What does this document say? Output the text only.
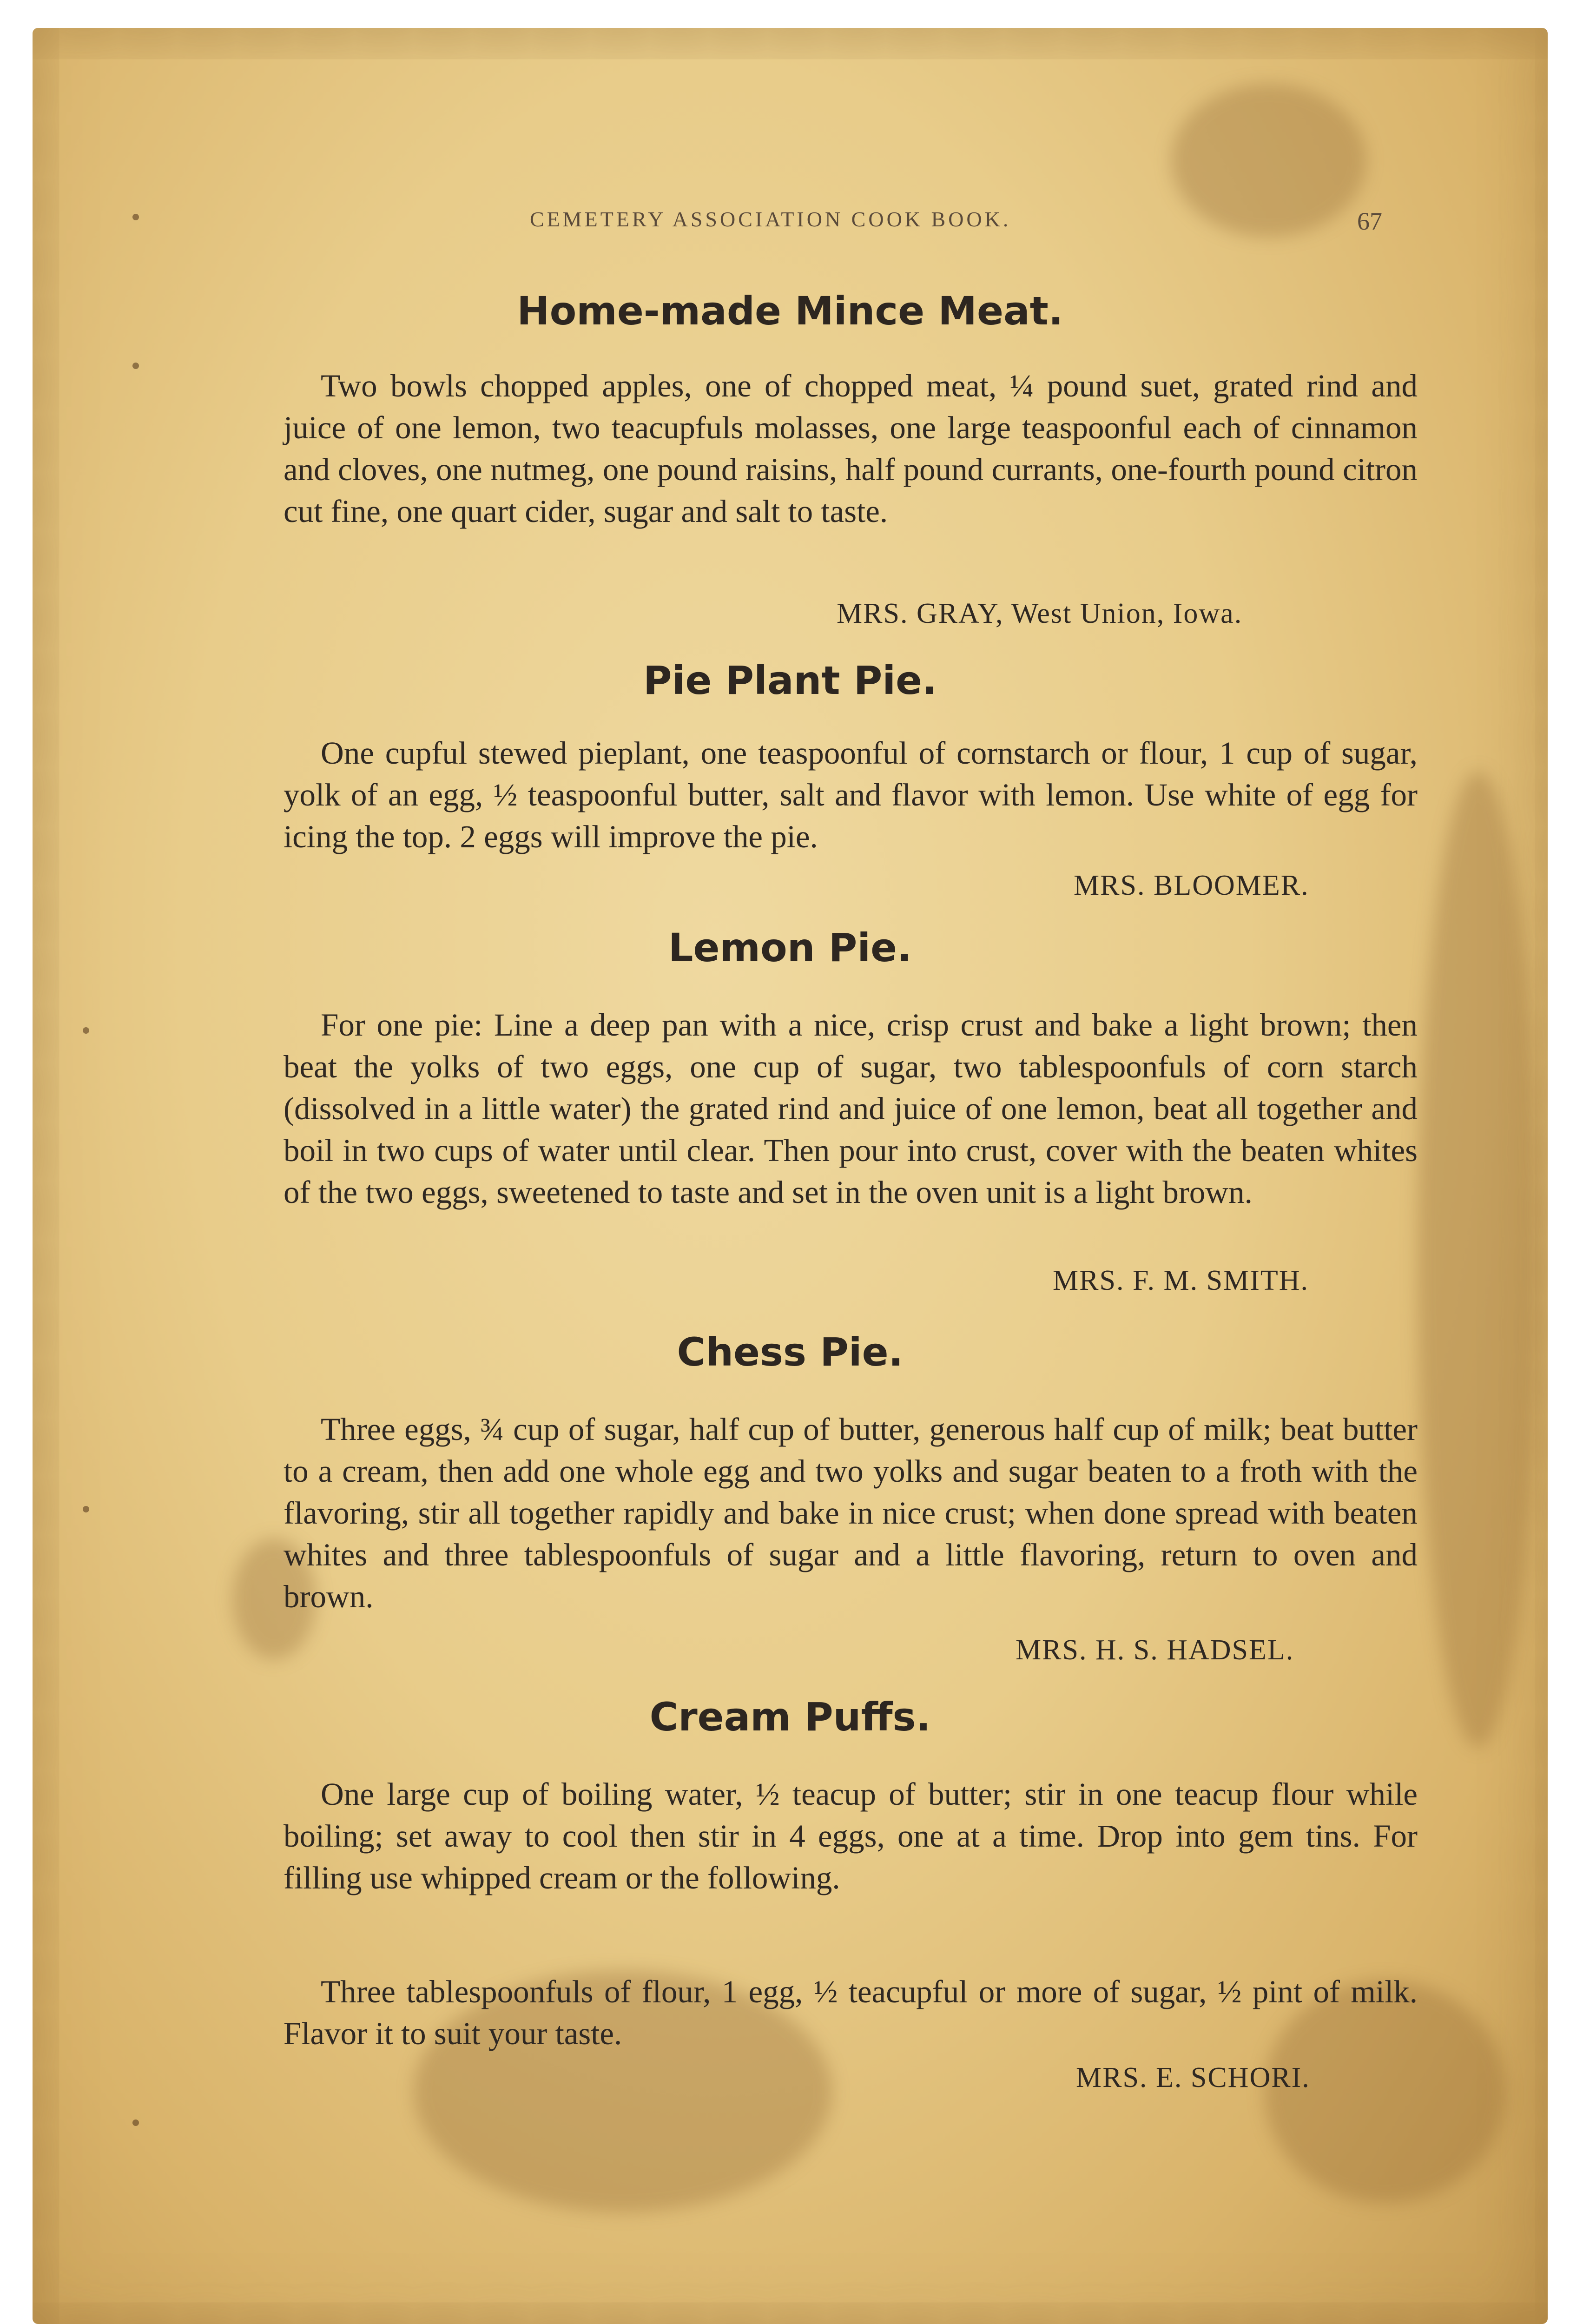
CEMETERY ASSOCIATION COOK BOOK.	67
Home-made Mince Meat.
Two bowls chopped apples, one of chopped meat, ¼ pound suet, grated rind and juice of one lemon, two teacupfuls molasses, one large teaspoonful each of cinnamon and cloves, one nutmeg, one pound raisins, half pound currants, one-fourth pound citron cut fine, one quart cider, sugar and salt to taste.
MRS. GRAY, West Union, Iowa.
Pie Plant Pie.
One cupful stewed pieplant, one teaspoonful of cornstarch or flour, 1 cup of sugar, yolk of an egg, ½ teaspoonful butter, salt and flavor with lemon. Use white of egg for icing the top. 2 eggs will improve the pie.
MRS. BLOOMER.
Lemon Pie.
For one pie: Line a deep pan with a nice, crisp crust and bake a light brown; then beat the yolks of two eggs, one cup of sugar, two tablespoonfuls of corn starch (dissolved in a little water) the grated rind and juice of one lemon, beat all together and boil in two cups of water until clear. Then pour into crust, cover with the beaten whites of the two eggs, sweetened to taste and set in the oven unit is a light brown.
MRS. F. M. SMITH.
Chess Pie.
Three eggs, ¾ cup of sugar, half cup of butter, generous half cup of milk; beat butter to a cream, then add one whole egg and two yolks and sugar beaten to a froth with the flavoring, stir all together rapidly and bake in nice crust; when done spread with beaten whites and three tablespoonfuls of sugar and a little flavoring, return to oven and brown.
MRS. H. S. HADSEL.
Cream Puffs.
One large cup of boiling water, ½ teacup of butter; stir in one teacup flour while boiling; set away to cool then stir in 4 eggs, one at a time. Drop into gem tins. For filling use whipped cream or the following.
Three tablespoonfuls of flour, 1 egg, ½ teacupful or more of sugar, ½ pint of milk. Flavor it to suit your taste.
MRS. E. SCHORI.
